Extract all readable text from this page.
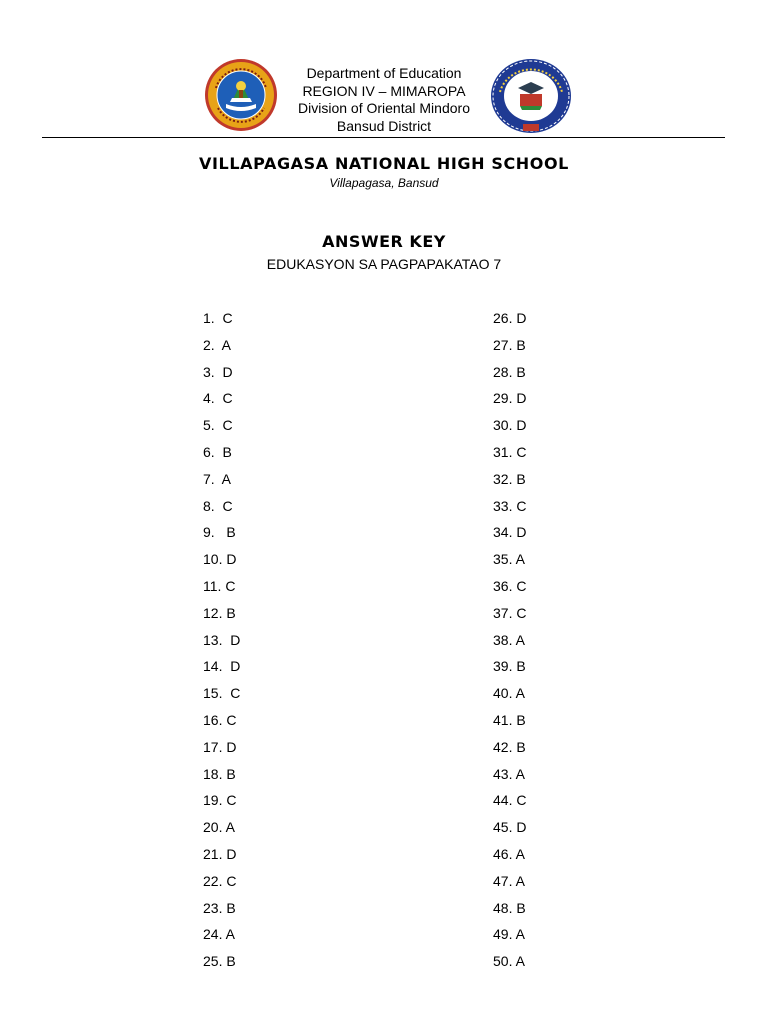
Department of Education
REGION IV – MIMAROPA
Division of Oriental Mindoro
Bansud District
VILLAPAGASA NATIONAL HIGH SCHOOL
Villapagasa, Bansud
ANSWER KEY
EDUKASYON SA PAGPAPAKATAO 7
1.  C
2.  A
3.  D
4.  C
5.  C
6.  B
7.  A
8.  C
9.   B
10. D
11. C
12. B
13.  D
14.  D
15.  C
16. C
17. D
18. B
19. C
20. A
21. D
22. C
23. B
24. A
25. B
26. D
27. B
28. B
29. D
30. D
31. C
32. B
33. C
34. D
35. A
36. C
37. C
38. A
39. B
40. A
41. B
42. B
43. A
44. C
45. D
46. A
47. A
48. B
49. A
50. A
